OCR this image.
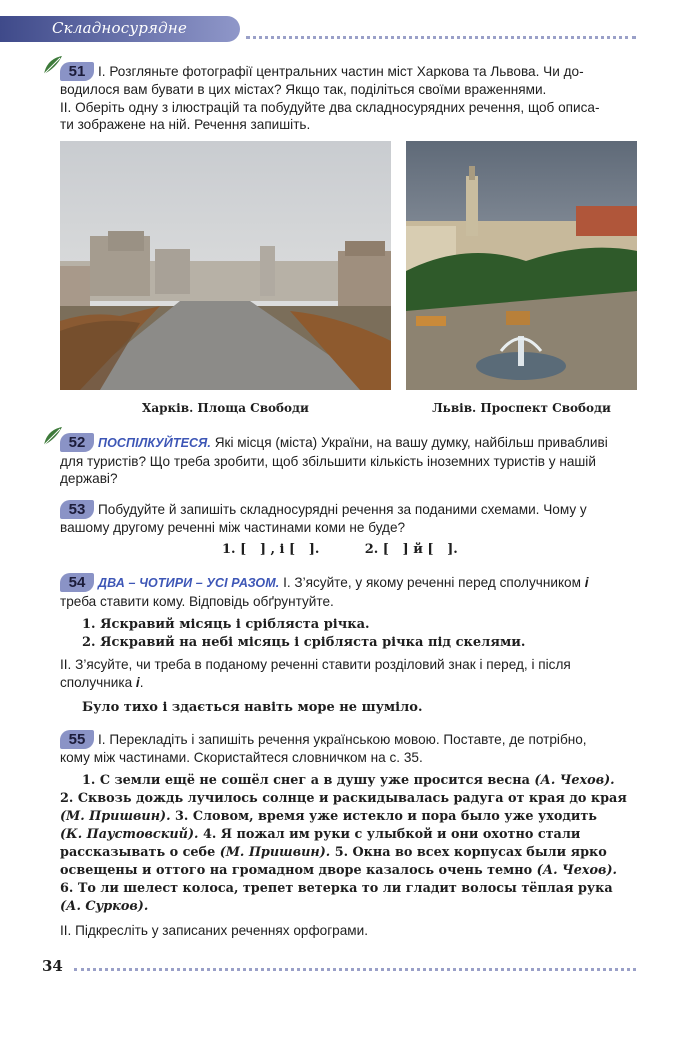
Складносурядне речення
51 І. Розгляньте фотографії центральних частин міст Харкова та Львова. Чи до-
водилося вам бувати в цих містах? Якщо так, поділіться своїми враженнями.
ІІ. Оберіть одну з ілюстрацій та побудуйте два складносурядних речення, щоб описа-
ти зображене на ній. Речення запишіть.
Харків. Площа Свободи	Львів. Проспект Свободи
52 ПОСПІЛКУЙТЕСЯ. Які місця (міста) України, на вашу думку, найбільш привабливі
для туристів? Що треба зробити, щоб збільшити кількість іноземних туристів у нашій
державі?
53 Побудуйте й запишіть складносурядні речення за поданими схемами. Чому у
вашому другому реченні між частинами коми не буде?
1. [   ] , і [   ].	2. [   ] й [   ].
54 ДВА – ЧОТИРИ – УСІ РАЗОМ. І. З’ясуйте, у якому реченні перед сполучником і
треба ставити кому. Відповідь обґрунтуйте.
1. Яскравий місяць і срібляста річка.
2. Яскравий на небі місяць і срібляста річка під скелями.
ІІ. З’ясуйте, чи треба в поданому реченні ставити розділовий знак і перед, і після
сполучника і.
Було тихо і здається навіть море не шуміло.
55 І. Перекладіть і запишіть речення українською мовою. Поставте, де потрібно,
кому між частинами. Скористайтеся словничком на с. 35.
1. С земли ещё не сошёл снег а в душу уже просится весна (А. Чехов).
2. Сквозь дождь лучилось солнце и раскидывалась радуга от края до края
(М. Пришвин). 3. Словом, время уже истекло и пора было уже уходить
(К. Паустовский). 4. Я пожал им руки с улыбкой и они охотно стали
рассказывать о себе (М. Пришвин). 5. Окна во всех корпусах были ярко
освещены и оттого на громадном дворе казалось очень темно (А. Чехов).
6. То ли шелест колоса, трепет ветерка то ли гладит волосы тёплая рука
(А. Сурков).
ІІ. Підкресліть у записаних реченнях орфограми.
34
